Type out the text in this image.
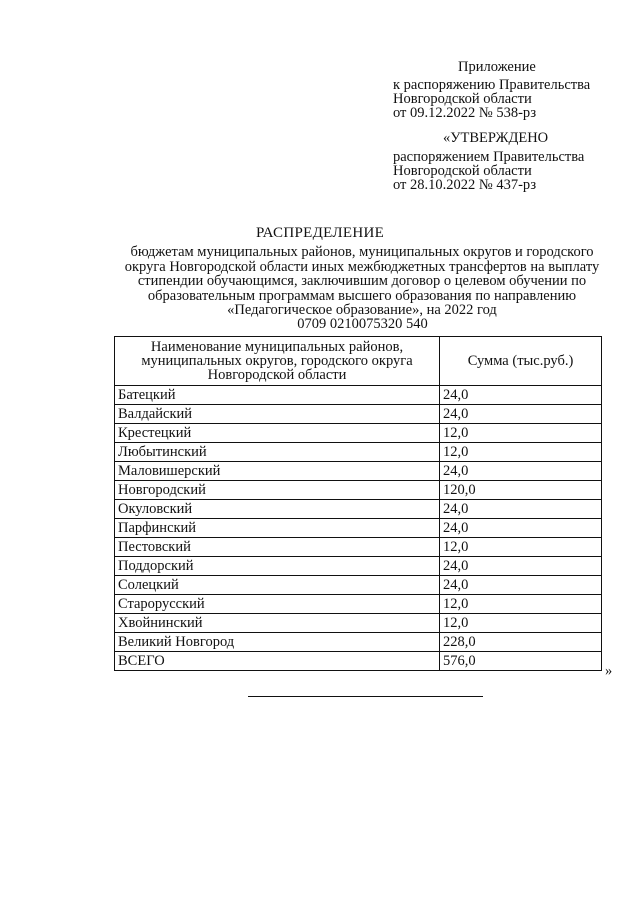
Приложение
к распоряжению Правительства
Новгородской области
от 09.12.2022 № 538-рз
«УТВЕРЖДЕНО
распоряжением Правительства
Новгородской области
от 28.10.2022 № 437-рз
РАСПРЕДЕЛЕНИЕ
бюджетам муниципальных районов, муниципальных округов и городского
округа Новгородской области иных межбюджетных трансфертов на выплату
стипендии обучающимся, заключившим договор о целевом обучении по
образовательным программам высшего образования по направлению
«Педагогическое образование», на 2022 год
0709 0210075320 540
Наименование муниципальных районов, муниципальных округов, городского округа Новгородской области	Сумма (тыс.руб.)
Батецкий	24,0
Валдайский	24,0
Крестецкий	12,0
Любытинский	12,0
Маловишерский	24,0
Новгородский	120,0
Окуловский	24,0
Парфинский	24,0
Пестовский	12,0
Поддорский	24,0
Солецкий	24,0
Старорусский	12,0
Хвойнинский	12,0
Великий Новгород	228,0
ВСЕГО	576,0
»
